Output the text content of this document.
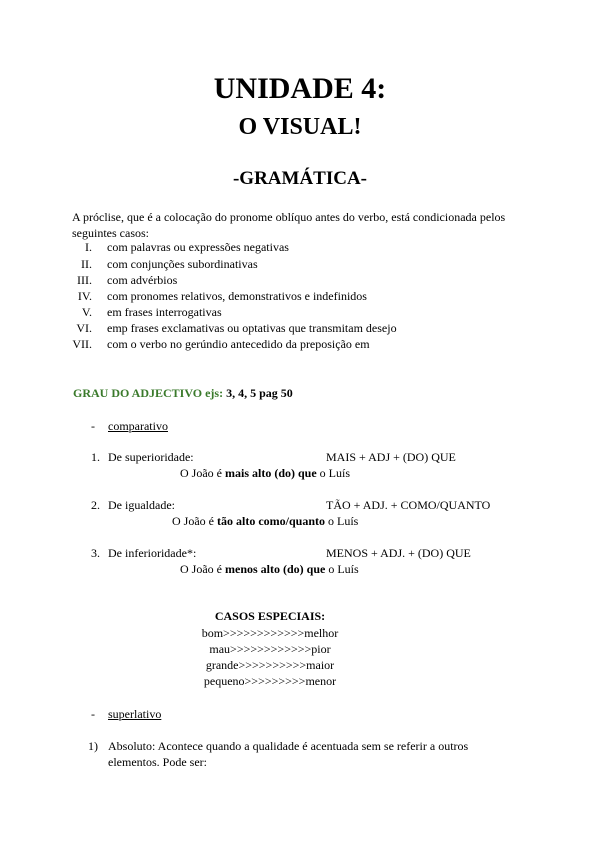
UNIDADE 4:
O VISUAL!
-GRAMÁTICA-
A próclise, que é a colocação do pronome oblíquo antes do verbo, está condicionada pelos seguintes casos:
I. com palavras ou expressões negativas
II. com conjunções subordinativas
III. com advérbios
IV. com pronomes relativos, demonstrativos e indefinidos
V. em frases interrogativas
VI. emp frases exclamativas ou optativas que transmitam desejo
VII. com o verbo no gerúndio antecedido da preposição em
GRAU DO ADJECTIVO ejs: 3, 4, 5 pag 50
- comparativo
1. De superioridade:	MAIS + ADJ + (DO) QUE
O João é mais alto (do) que o Luís
2. De igualdade:	TÃO + ADJ. + COMO/QUANTO
O João é tão alto como/quanto o Luís
3. De inferioridade*:	MENOS + ADJ. + (DO) QUE
O João é menos alto (do) que o Luís
CASOS ESPECIAIS:
bom>>>>>>>>>>>>melhor
mau>>>>>>>>>>>>pior
grande>>>>>>>>>>maior
pequeno>>>>>>>>>menor
- superlativo
1) Absoluto: Acontece quando a qualidade é acentuada sem se referir a outros elementos. Pode ser:
